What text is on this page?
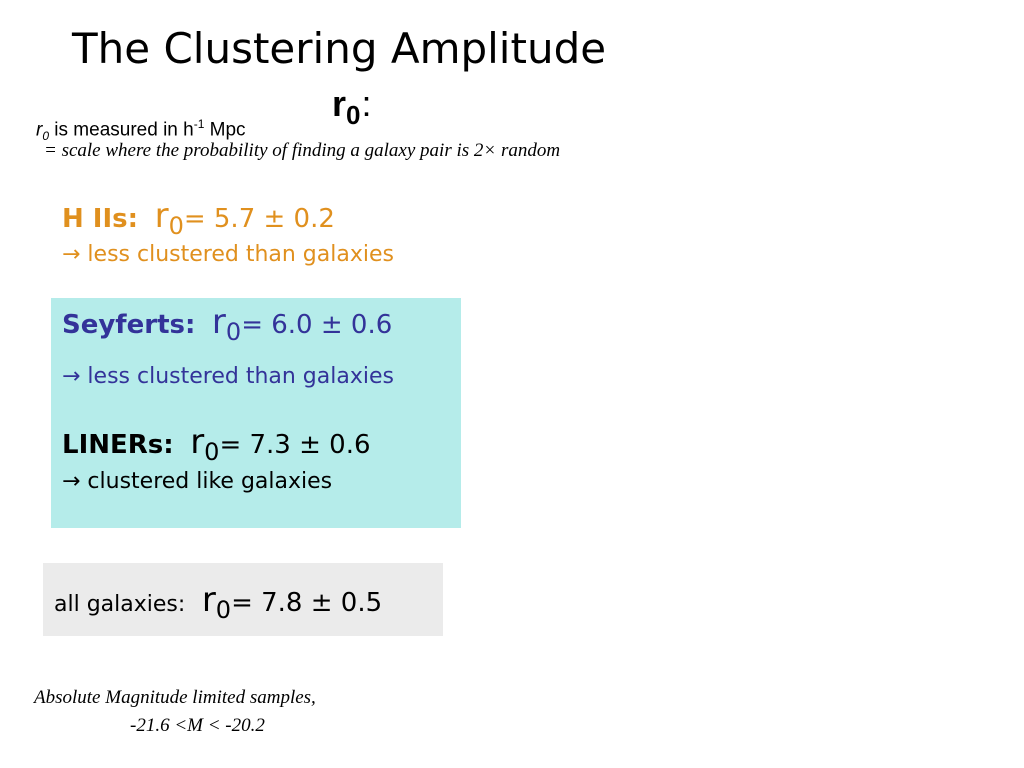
The Clustering Amplitude
$r_0$:
$r_0$ is measured in $h^{-1}$ Mpc
= scale where the probability of finding a galaxy pair is 2× random
H IIs: $r_0= 5.7 \pm 0.2$
→ less clustered than galaxies
Seyferts: $r_0= 6.0 \pm 0.6$
→ less clustered than galaxies
LINERs: $r_0= 7.3 \pm 0.6$
→ clustered like galaxies
all galaxies: $r_0= 7.8 \pm 0.5$
Absolute Magnitude limited samples,
-21.6 <M < -20.2
